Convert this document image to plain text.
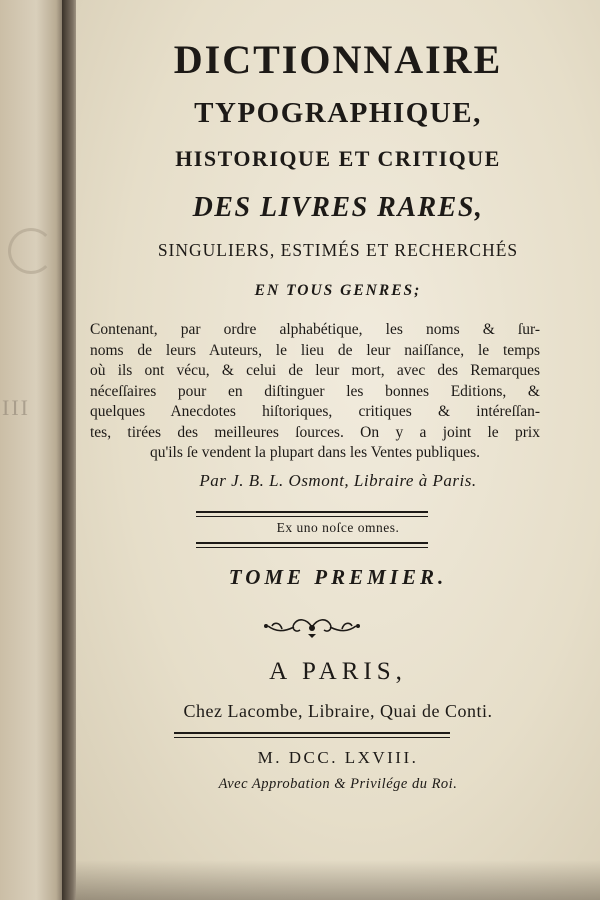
III
DICTIONNAIRE
TYPOGRAPHIQUE,
HISTORIQUE ET CRITIQUE
DES LIVRES RARES,
SINGULIERS, ESTIMÉS ET RECHERCHÉS
EN TOUS GENRES;
Contenant, par ordre alphabétique, les noms & ſur-
noms de leurs Auteurs, le lieu de leur naiſſance, le temps
où ils ont vécu, & celui de leur mort, avec des Remarques
néceſſaires pour en diſtinguer les bonnes Editions, &
quelques Anecdotes hiſtoriques, critiques & intéreſſan-
tes, tirées des meilleures ſources. On y a joint le prix
qu'ils ſe vendent la plupart dans les Ventes publiques.
Par J. B. L. Osmont, Libraire à Paris.
Ex uno noſce omnes.
TOME PREMIER.
A PARIS,
Chez Lacombe, Libraire, Quai de Conti.
M. DCC. LXVIII.
Avec Approbation & Privilége du Roi.
